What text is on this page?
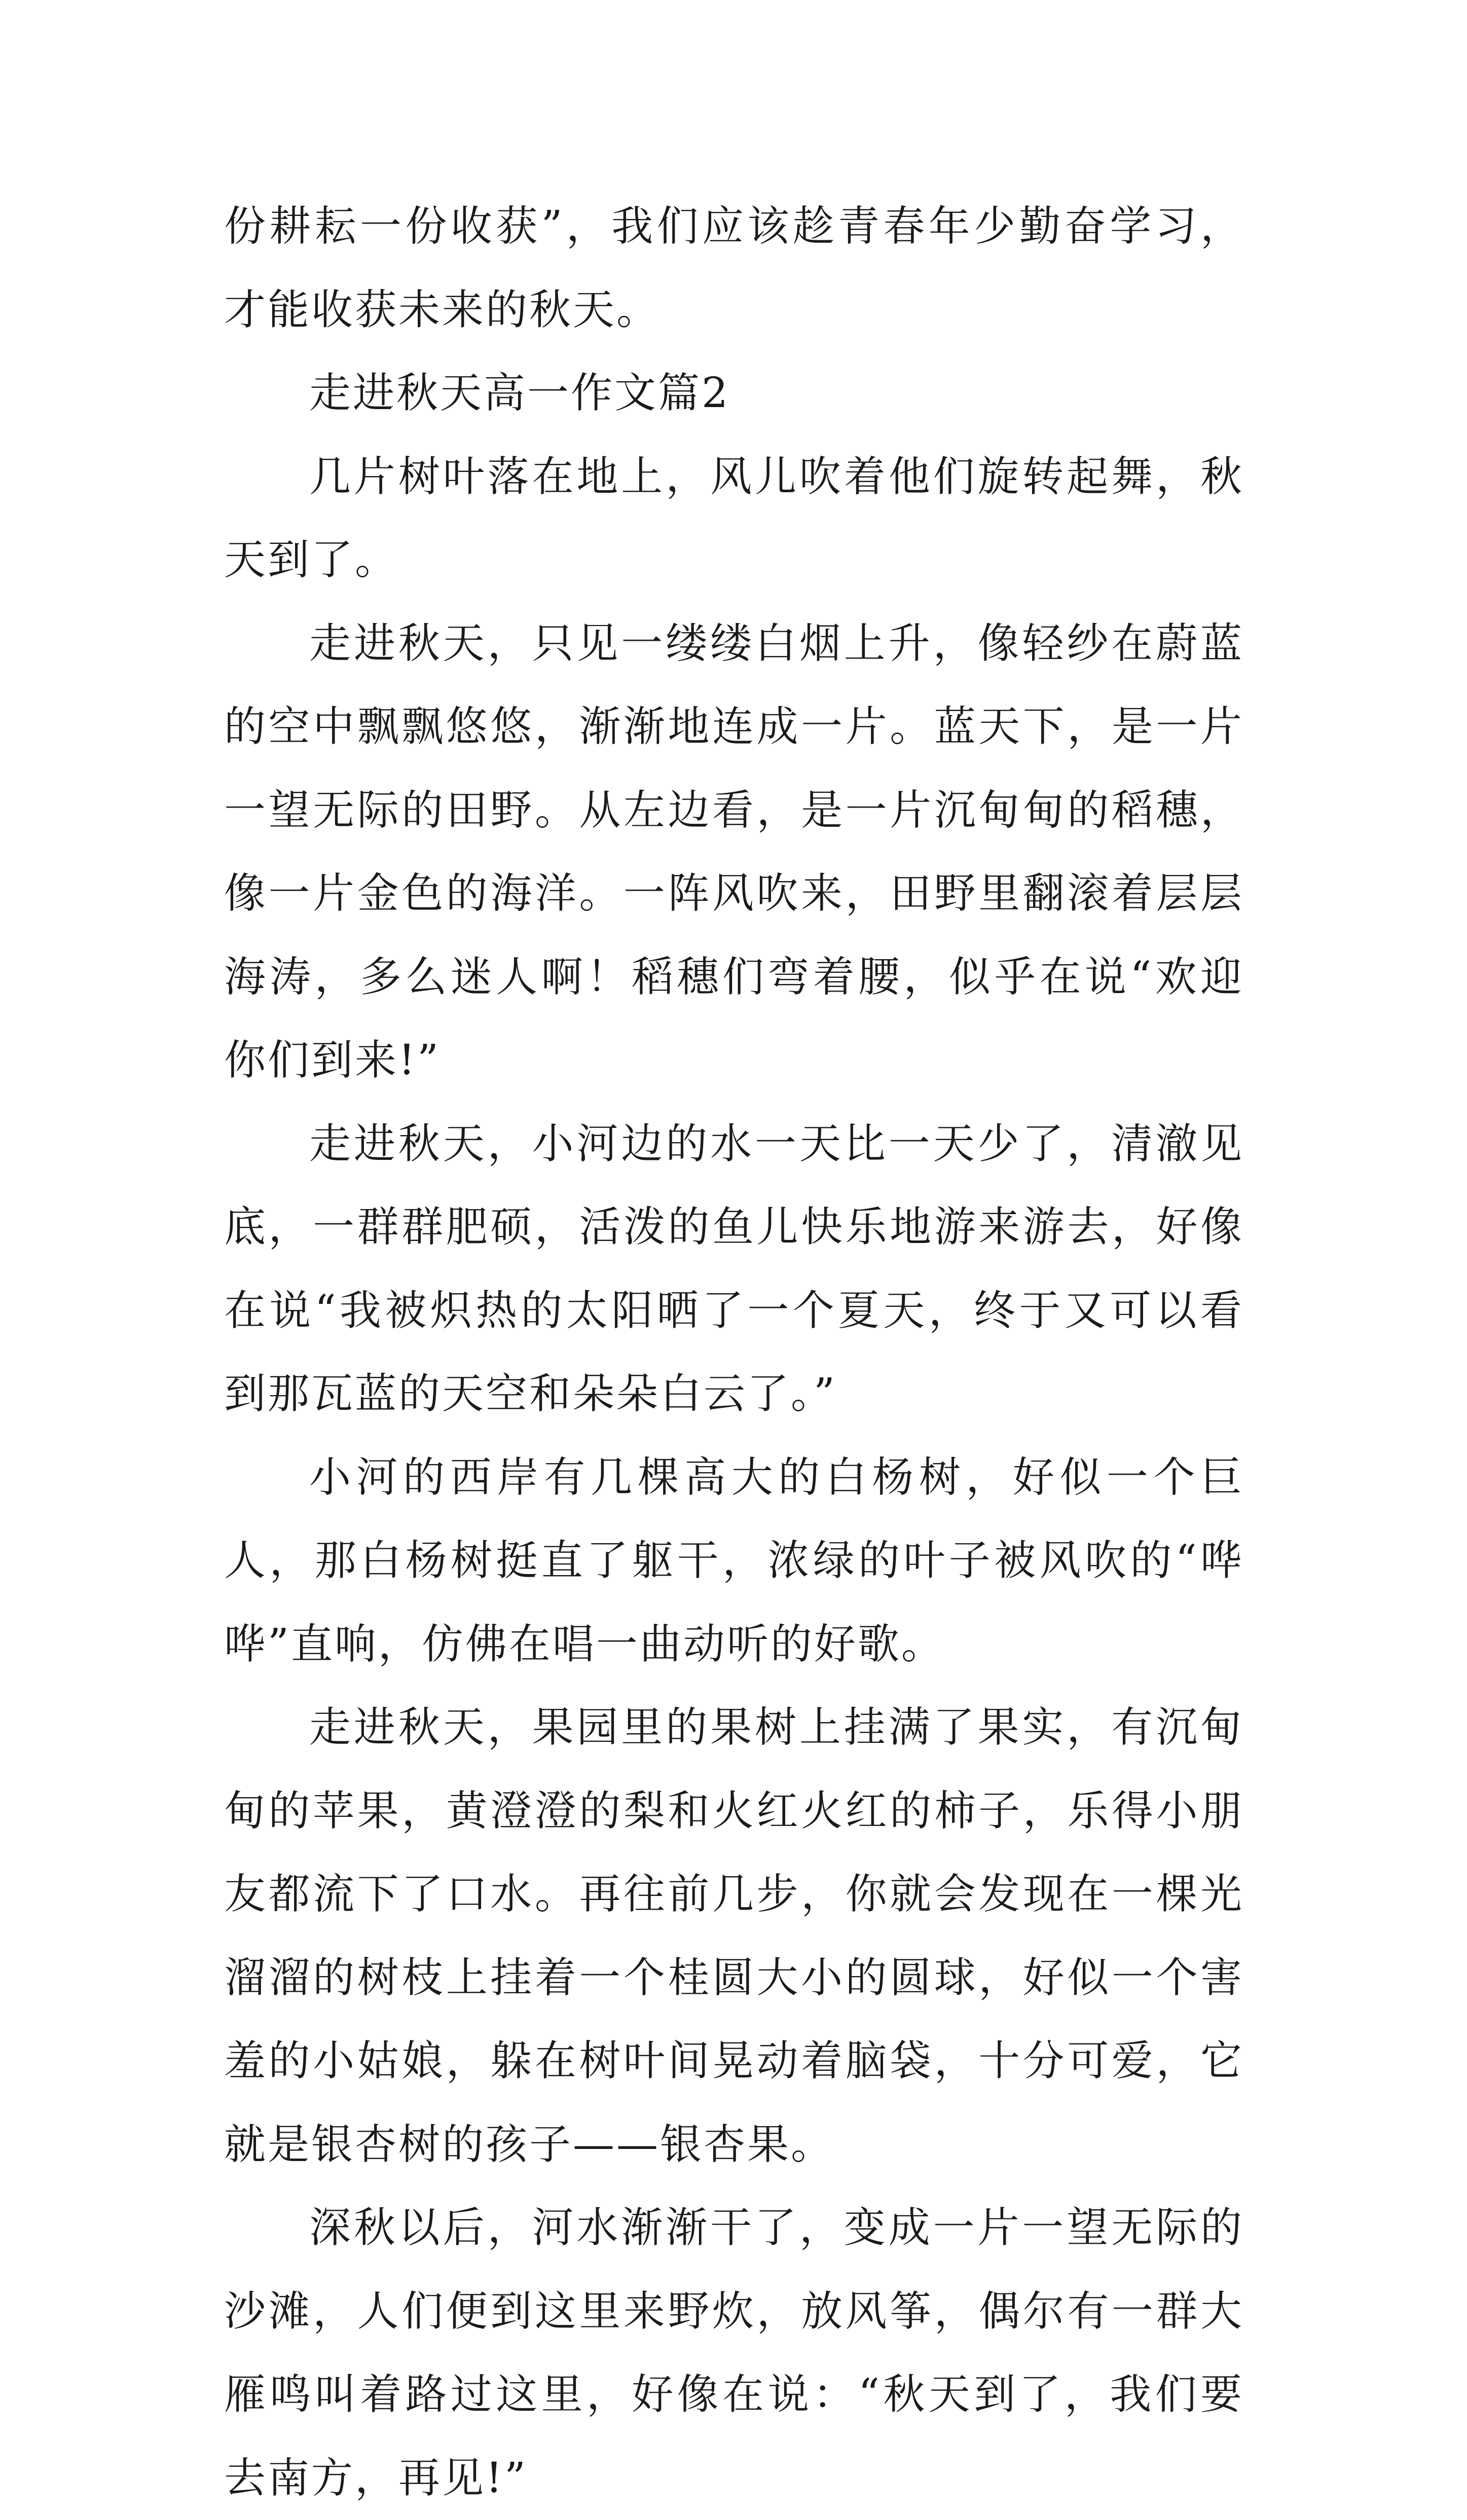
份耕耘一份收获”，我们应该趁青春年少勤奋学习，才能收获未来的秋天。

走进秋天高一作文篇2

几片树叶落在地上，风儿吹着他们旋转起舞，秋天到了。

走进秋天，只见一缕缕白烟上升，像轻纱在蔚蓝的空中飘飘悠悠，渐渐地连成一片。蓝天下，是一片一望无际的田野。从左边看，是一片沉甸甸的稻穗，像一片金色的海洋。一阵风吹来，田野里翻滚着层层海涛，多么迷人啊！稻穗们弯着腰，似乎在说“欢迎你们到来!”

走进秋天，小河边的水一天比一天少了，清澈见底，一群群肥硕，活泼的鱼儿快乐地游来游去，好像在说“我被炽热的太阳晒了一个夏天，终于又可以看到那瓦蓝的天空和朵朵白云了。”

小河的西岸有几棵高大的白杨树，好似一个巨人，那白杨树挺直了躯干，浓绿的叶子被风吹的“哗哗”直响，仿佛在唱一曲动听的好歌。

走进秋天，果园里的果树上挂满了果实，有沉甸甸的苹果，黄澄澄的梨和火红火红的柿子，乐得小朋友都流下了口水。再往前几步，你就会发现在一棵光溜溜的树枝上挂着一个桂圆大小的圆球，好似一个害羞的小姑娘，躲在树叶间晃动着脑袋，十分可爱，它就是银杏树的孩子——银杏果。

深秋以后，河水渐渐干了，变成一片一望无际的沙滩，人们便到这里来野炊，放风筝，偶尔有一群大雁鸣叫着路过这里，好像在说：“秋天到了，我们要去南方，再见!”
